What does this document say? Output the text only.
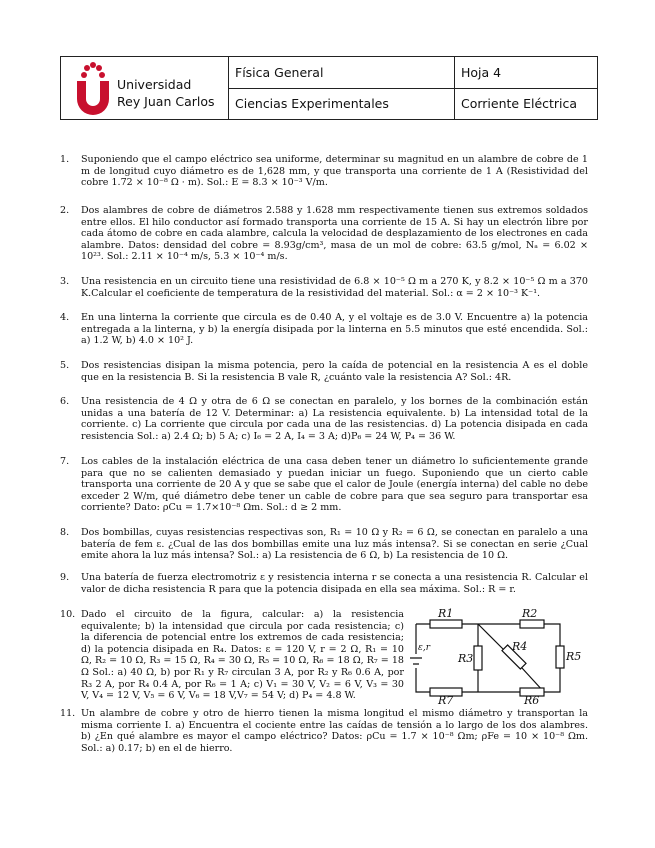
Universidad
Rey Juan Carlos
Física General
Ciencias Experimentales
Hoja 4
Corriente Eléctrica
1. Suponiendo que el campo eléctrico sea uniforme, determinar su magnitud en un alambre de cobre de 1 m de longitud cuyo diámetro es de 1,628 mm, y que transporta una corriente de 1 A (Resistividad del cobre 1.72 × 10⁻⁸ Ω · m). Sol.: E = 8.3 × 10⁻³ V/m.
2. Dos alambres de cobre de diámetros 2.588 y 1.628 mm respectivamente tienen sus extremos soldados entre ellos. El hilo conductor así formado transporta una corriente de 15 A. Si hay un electrón libre por cada átomo de cobre en cada alambre, calcula la velocidad de desplazamiento de los electrones en cada alambre. Datos: densidad del cobre = 8.93g/cm³, masa de un mol de cobre: 63.5 g/mol, Nₐ = 6.02 × 10²³. Sol.: 2.11 × 10⁻⁴ m/s, 5.3 × 10⁻⁴ m/s.
3. Una resistencia en un circuito tiene una resistividad de 6.8 × 10⁻⁵ Ω m a 270 K, y 8.2 × 10⁻⁵ Ω m a 370 K.Calcular el coeficiente de temperatura de la resistividad del material. Sol.: α = 2 × 10⁻³ K⁻¹.
4. En una linterna la corriente que circula es de 0.40 A, y el voltaje es de 3.0 V. Encuentre a) la potencia entregada a la linterna, y b) la energía disipada por la linterna en 5.5 minutos que esté encendida. Sol.: a) 1.2 W, b) 4.0 × 10² J.
5. Dos resistencias disipan la misma potencia, pero la caída de potencial en la resistencia A es el doble que en la resistencia B. Si la resistencia B vale R, ¿cuánto vale la resistencia A? Sol.: 4R.
6. Una resistencia de 4 Ω y otra de 6 Ω se conectan en paralelo, y los bornes de la combinación están unidas a una batería de 12 V. Determinar: a) La resistencia equivalente. b) La intensidad total de la corriente. c) La corriente que circula por cada una de las resistencias. d) La potencia disipada en cada resistencia Sol.: a) 2.4 Ω; b) 5 A; c) I₆ = 2 A, I₄ = 3 A; d)P₆ = 24 W, P₄ = 36 W.
7. Los cables de la instalación eléctrica de una casa deben tener un diámetro lo suficientemente grande para que no se calienten demasiado y puedan iniciar un fuego. Suponiendo que un cierto cable transporta una corriente de 20 A y que se sabe que el calor de Joule (energía interna) del cable no debe exceder 2 W/m, qué diámetro debe tener un cable de cobre para que sea seguro para transportar esa corriente? Dato: ρCu = 1.7×10⁻⁸ Ωm. Sol.: d ≥ 2 mm.
8. Dos bombillas, cuyas resistencias respectivas son, R₁ = 10 Ω y R₂ = 6 Ω, se conectan en paralelo a una batería de fem ε. ¿Cual de las dos bombillas emite una luz más intensa?. Si se conectan en serie ¿Cual emite ahora la luz más intensa? Sol.: a) La resistencia de 6 Ω, b) La resistencia de 10 Ω.
9. Una batería de fuerza electromotriz ε y resistencia interna r se conecta a una resistencia R. Calcular el valor de dicha resistencia R para que la potencia disipada en ella sea máxima. Sol.: R = r.
10. Dado el circuito de la figura, calcular: a) la resistencia equivalente; b) la intensidad que circula por cada resistencia; c) la diferencia de potencial entre los extremos de cada resistencia; d) la potencia disipada en R₄. Datos: ε = 120 V, r = 2 Ω, R₁ = 10 Ω, R₂ = 10 Ω, R₃ = 15 Ω, R₄ = 30 Ω, R₅ = 10 Ω, R₆ = 18 Ω, R₇ = 18 Ω Sol.: a) 40 Ω, b) por R₁ y R₇ circulan 3 A, por R₂ y R₆ 0.6 A, por R₃ 2 A, por R₄ 0.4 A, por R₆ = 1 A; c) V₁ = 30 V, V₂ = 6 V, V₃ = 30 V, V₄ = 12 V, V₅ = 6 V, V₆ = 18 V,V₇ = 54 V; d) P₄ = 4.8 W.
11. Un alambre de cobre y otro de hierro tienen la misma longitud el mismo diámetro y transportan la misma corriente I. a) Encuentra el cociente entre las caídas de tensión a lo largo de los dos alambres. b) ¿En qué alambre es mayor el campo eléctrico? Datos: ρCu = 1.7 × 10⁻⁸ Ωm; ρFe = 10 × 10⁻⁸ Ωm. Sol.: a) 0.17; b) en el de hierro.
R1	R2
R3
R4
R5
R6
R7
ε,r
